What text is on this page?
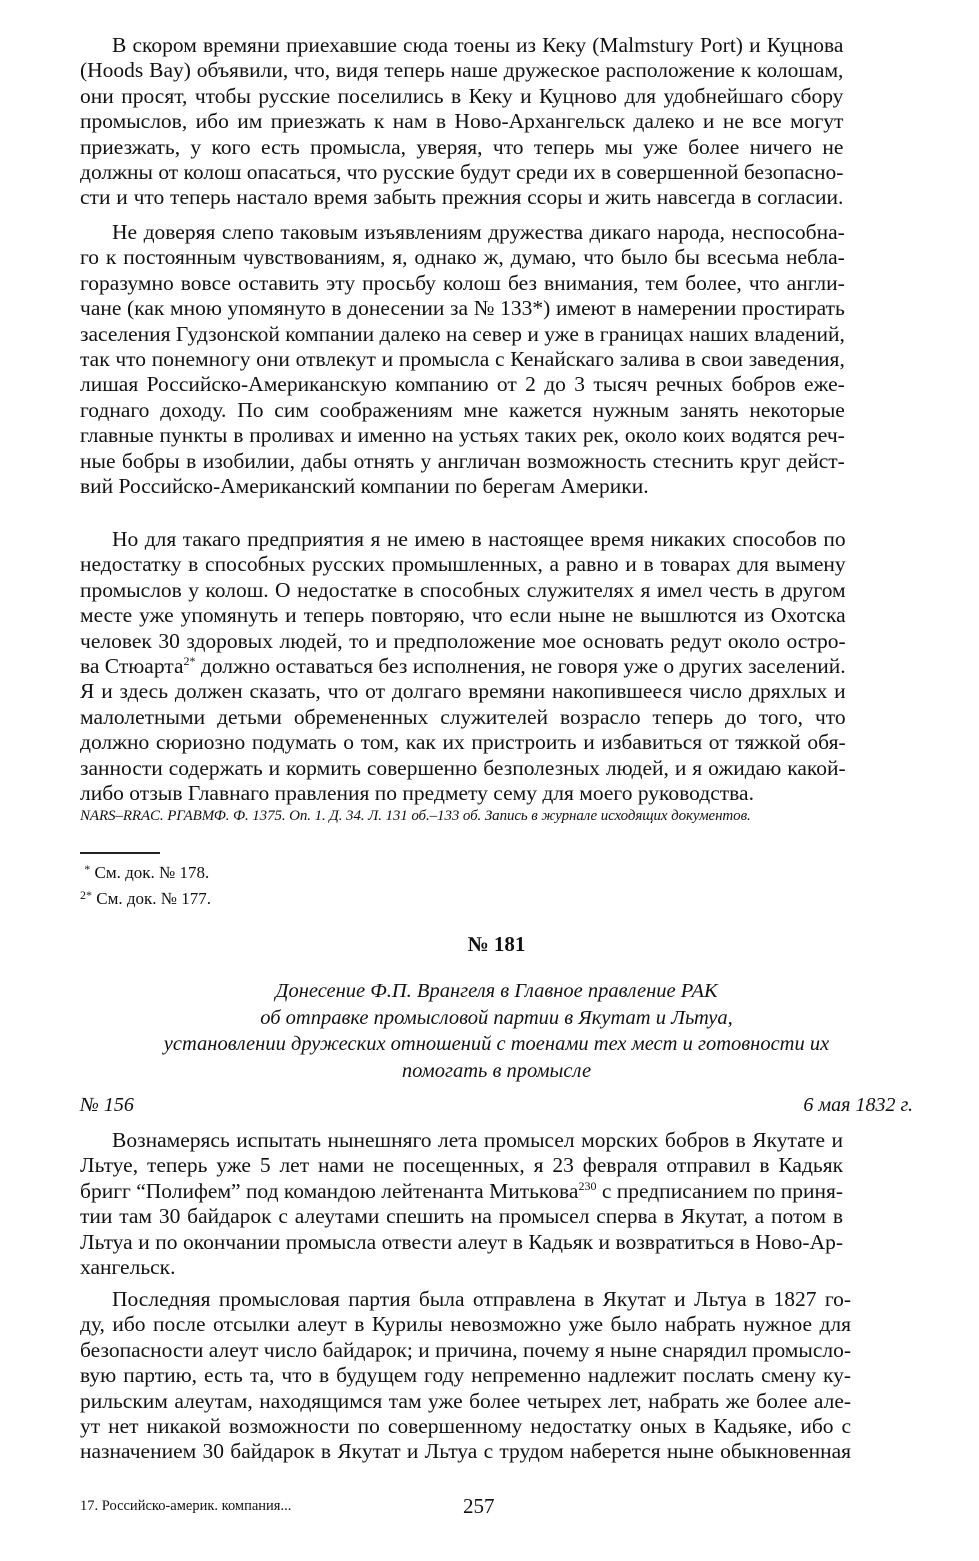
В скором времяни приехавшие сюда тоены из Кеку (Malmstury Port) и Куцнова
(Hoods Bay) объявили, что, видя теперь наше дружеское расположение к колошам,
они просят, чтобы русские поселились в Кеку и Куцново для удобнейшаго сбору
промыслов, ибо им приезжать к нам в Ново-Архангельск далеко и не все могут
приезжать, у кого есть промысла, уверяя, что теперь мы уже более ничего не
должны от колош опасаться, что русские будут среди их в совершенной безопасно-
сти и что теперь настало время забыть прежния ссоры и жить навсегда в согласии.
Не доверяя слепо таковым изъявлениям дружества дикаго народа, неспособна-
го к постоянным чувствованиям, я, однако ж, думаю, что было бы всесьма небла-
горазумно вовсе оставить эту просьбу колош без внимания, тем более, что англи-
чане (как мною упомянуто в донесении за № 133*) имеют в намерении простирать
заселения Гудзонской компании далеко на север и уже в границах наших владений,
так что понемногу они отвлекут и промысла с Кенайскаго залива в свои заведения,
лишая Российско-Американскую компанию от 2 до 3 тысяч речных бобров еже-
годнаго доходу. По сим соображениям мне кажется нужным занять некоторые
главные пункты в проливах и именно на устьях таких рек, около коих водятся реч-
ные бобры в изобилии, дабы отнять у англичан возможность стеснить круг дейст-
вий Российско-Американский компании по берегам Америки.
Но для такаго предприятия я не имею в настоящее время никаких способов по
недостатку в способных русских промышленных, а равно и в товарах для вымену
промыслов у колош. О недостатке в способных служителях я имел честь в другом
месте уже упомянуть и теперь повторяю, что если ныне не вышлются из Охотска
человек 30 здоровых людей, то и предположение мое основать редут около остро-
ва Стюарта$^{2*}$ должно оставаться без исполнения, не говоря уже о других заселений.
Я и здесь должен сказать, что от долгаго времяни накопившееся число дряхлых и
малолетными детьми обремененных служителей возрасло теперь до того, что
должно сюриозно подумать о том, как их пристроить и избавиться от тяжкой обя-
занности содержать и кормить совершенно безполезных людей, и я ожидаю какой-
либо отзыв Главнаго правления по предмету сему для моего руководства.
NARS–RRAC. РГАВМФ. Ф. 1375. Оп. 1. Д. 34. Л. 131 об.–133 об. Запись в журнале исходящих документов.
* См. док. № 178.
$^{2*}$ См. док. № 177.
№ 181
Донесение Ф.П. Врангеля в Главное правление РАК
об отправке промысловой партии в Якутат и Льтуа,
установлении дружеских отношений с тоенами тех мест и готовности их
помогать в промысле
№ 156	6 мая 1832 г.
Вознамерясь испытать нынешняго лета промысел морских бобров в Якутате и
Льтуе, теперь уже 5 лет нами не посещенных, я 23 февраля отправил в Кадьяк
бригг “Полифем” под командою лейтенанта Митькова$^{230}$ с предписанием по приня-
тии там 30 байдарок с алеутами спешить на промысел сперва в Якутат, а потом в
Льтуа и по окончании промысла отвести алеут в Кадьяк и возвратиться в Ново-Ар-
хангельск.
Последняя промысловая партия была отправлена в Якутат и Льтуа в 1827 го-
ду, ибо после отсылки алеут в Курилы невозможно уже было набрать нужное для
безопасности алеут число байдарок; и причина, почему я ныне снарядил промысло-
вую партию, есть та, что в будущем году непременно надлежит послать смену ку-
рильским алеутам, находящимся там уже более четырех лет, набрать же более але-
ут нет никакой возможности по совершенному недостатку оных в Кадьяке, ибо с
назначением 30 байдарок в Якутат и Льтуа с трудом наберется ныне обыкновенная
17. Российско-америк. компания...	257
